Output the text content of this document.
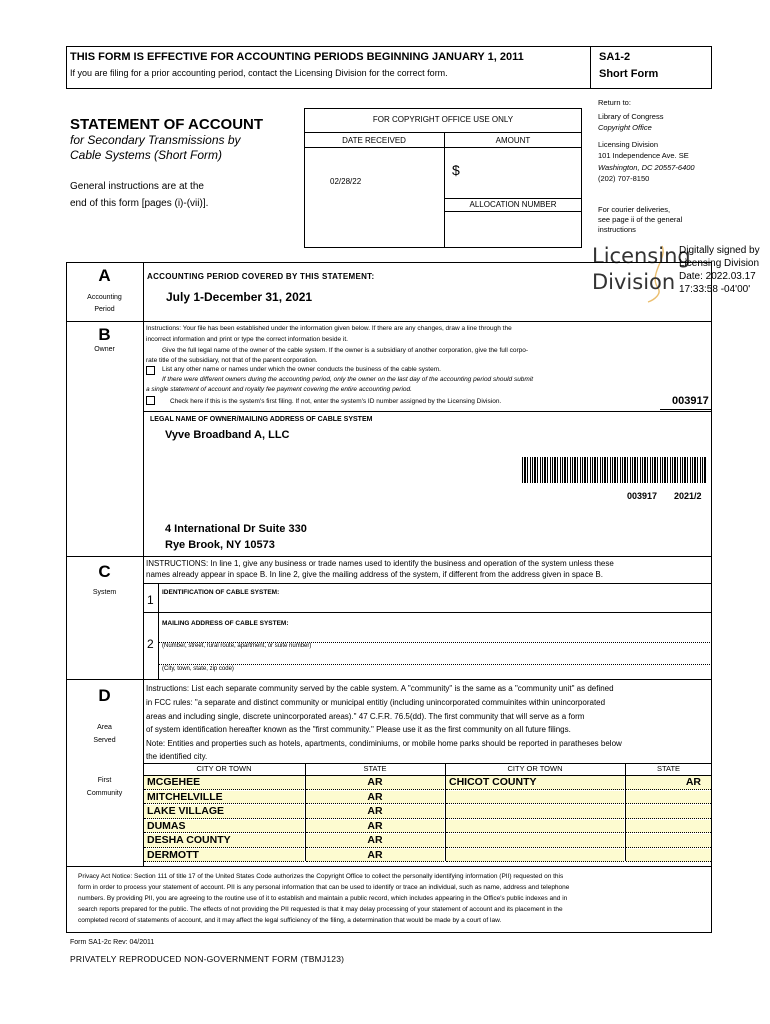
THIS FORM IS EFFECTIVE FOR ACCOUNTING PERIODS BEGINNING JANUARY 1, 2011
If you are filing for a prior accounting period, contact the Licensing Division for the correct form.
SA1-2
Short Form
STATEMENT OF ACCOUNT
for Secondary Transmissions by
Cable Systems (Short Form)
General instructions are at the
end of this form [pages (i)-(vii)].
FOR COPYRIGHT OFFICE USE ONLY
DATE RECEIVED	AMOUNT
02/28/22
$
ALLOCATION NUMBER
Return to:
Library of Congress
Copyright Office
Licensing Division
101 Independence Ave. SE
Washington, DC 20557-6400
(202) 707-8150
For courier deliveries,
see page ii of the general
instructions
Licensing
Division
Digitally signed by
Licensing Division
Date: 2022.03.17
17:33:58 -04'00'
A
Accounting
Period
ACCOUNTING PERIOD COVERED BY THIS STATEMENT:
July 1-December 31, 2021
B
Owner
Instructions: Your file has been established under the information given below. If there are any changes, draw a line through the
incorrect information and print or type the correct information beside it.
Give the full legal name of the owner of the cable system. If the owner is a subsidiary of another corporation, give the full corpo-
rate title of the subsidiary, not that of the parent corporation.
List any other name or names under which the owner conducts the business of the cable system.
If there were different owners during the accounting period, only the owner on the last day of the accounting period should submit
a single statement of account and royalty fee payment covering the entire accounting period.
Check here if this is the system's first filing. If not, enter the system's ID number assigned by the Licensing Division.	003917
LEGAL NAME OF OWNER/MAILING ADDRESS OF CABLE SYSTEM
Vyve Broadband A, LLC
003917 2021/2
4 International Dr Suite 330
Rye Brook, NY 10573
C
System
INSTRUCTIONS: In line 1, give any business or trade names used to identify the business and operation of the system unless these
names already appear in space B. In line 2, give the mailing address of the system, if different from the address given in space B.
1
IDENTIFICATION OF CABLE SYSTEM:
MAILING ADDRESS OF CABLE SYSTEM:
2 (Number, street, rural route, apartment, or suite number)
(City, town, state, zip code)
D
Area
Served
First
Community
Instructions: List each separate community served by the cable system. A "community" is the same as a "community unit" as defined
in FCC rules: "a separate and distinct community or municipal entitiy (including unincorporated commuinites within unincorporated
areas and including single, discrete unincorporated areas)." 47 C.F.R. 76.5(dd). The first community that will serve as a form
of system identification hereafter known as the "first community." Please use it as the first community on all future filings.
Note: Entities and properties such as hotels, apartments, condiminiums, or mobile home parks should be reported in paratheses below
the identified city.
CITY OR TOWN	STATE	CITY OR TOWN	STATE
MCGEHEE	AR	CHICOT COUNTY	AR
MITCHELVILLE	AR
LAKE VILLAGE	AR
DUMAS	AR
DESHA COUNTY	AR
DERMOTT	AR
Privacy Act Notice: Section 111 of title 17 of the United States Code authorizes the Copyright Office to collect the personally identifying information (PII) requested on this
form in order to process your statement of account. PII is any personal information that can be used to identify or trace an individual, such as name, address and telephone
numbers. By providing PII, you are agreeing to the routine use of it to establish and maintain a public record, which includes appearing in the Office's public indexes and in
search reports prepared for the public. The effects of not providing the PII requested is that it may delay processing of your statement of account and its placement in the
completed record of statements of account, and it may affect the legal sufficiency of the filing, a determination that would be made by a court of law.
Form SA1-2c Rev: 04/2011
PRIVATELY REPRODUCED NON-GOVERNMENT FORM (TBMJ123)
